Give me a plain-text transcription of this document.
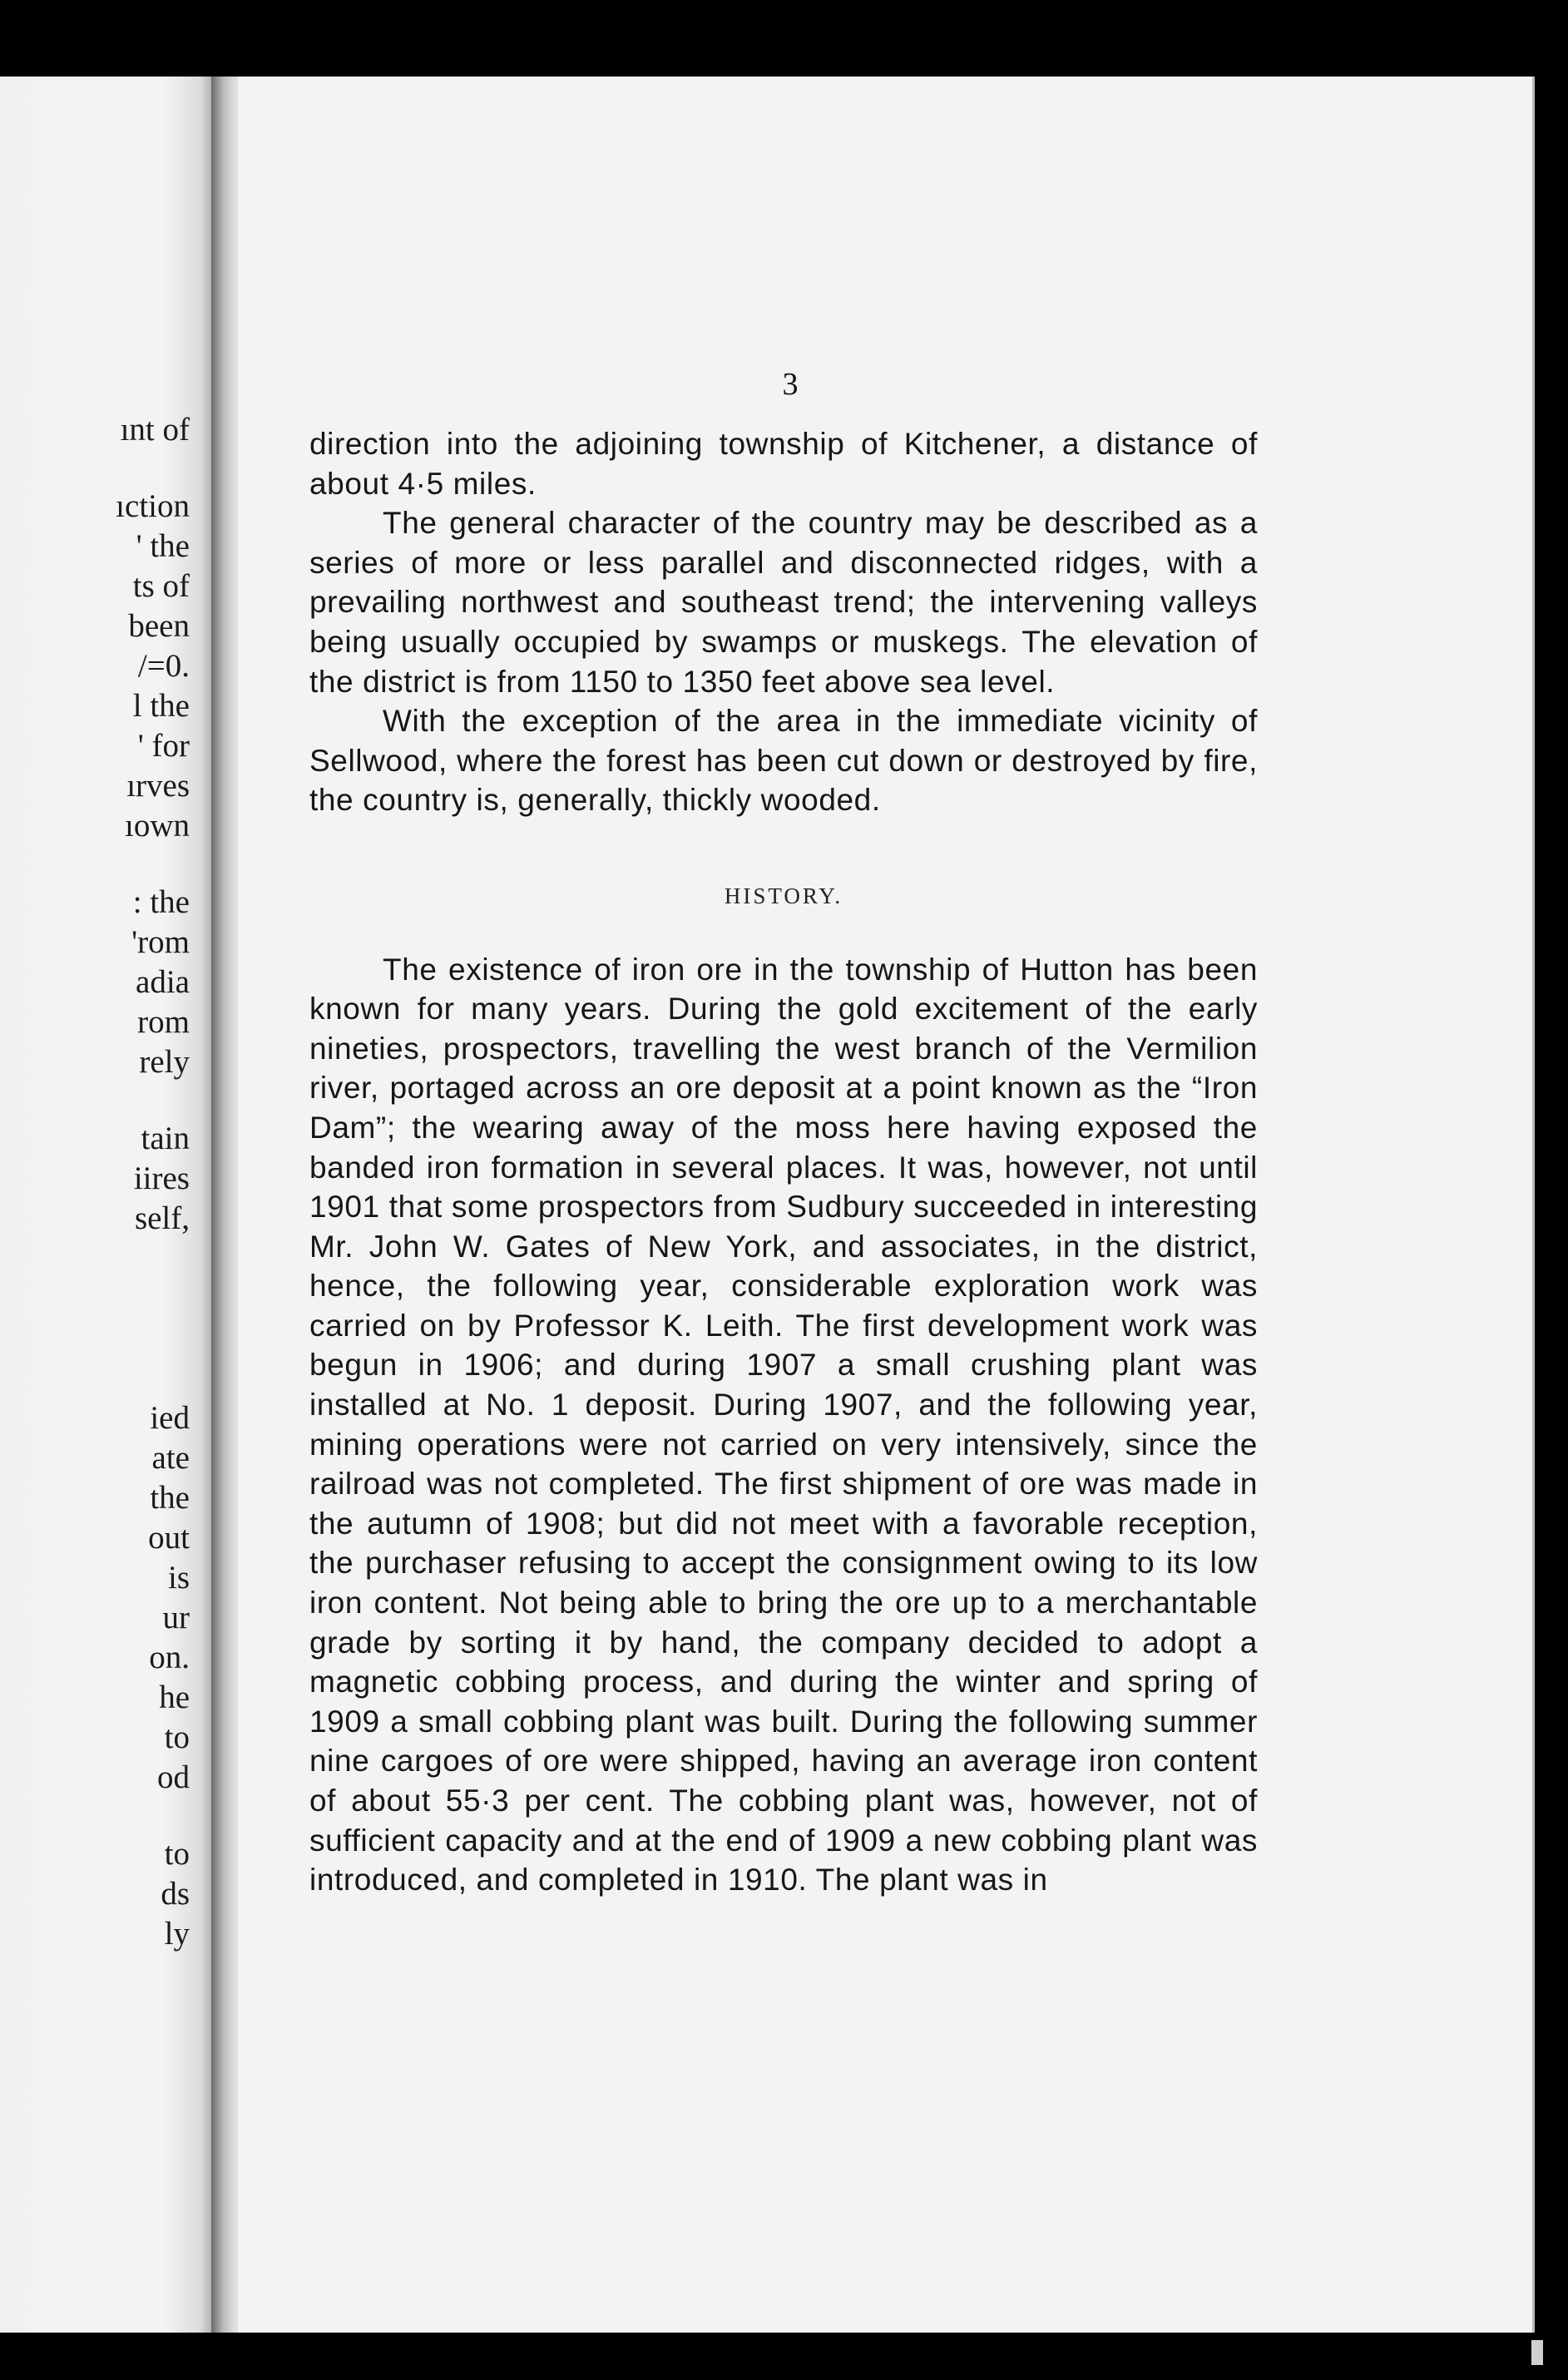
ınt of
ıction
' the
ts of
been
/=0.
l the
' for
ırves
ıown
: the
'rom
adia
rom
rely
tain
iires
self,
ied
ate
the
out
is
ur
on.
he
to
od
to
ds
ly
3

direction into the adjoining township of Kitchener, a distance of about 4·5 miles.

The general character of the country may be described as a series of more or less parallel and disconnected ridges, with a prevailing northwest and southeast trend; the intervening valleys being usually occupied by swamps or muskegs. The elevation of the district is from 1150 to 1350 feet above sea level.

With the exception of the area in the immediate vicinity of Sellwood, where the forest has been cut down or destroyed by fire, the country is, generally, thickly wooded.

HISTORY.

The existence of iron ore in the township of Hutton has been known for many years. During the gold excitement of the early nineties, prospectors, travelling the west branch of the Vermilion river, portaged across an ore deposit at a point known as the “Iron Dam”; the wearing away of the moss here having exposed the banded iron formation in several places. It was, however, not until 1901 that some prospectors from Sudbury succeeded in interesting Mr. John W. Gates of New York, and associates, in the district, hence, the following year, considerable exploration work was carried on by Professor K. Leith. The first development work was begun in 1906; and during 1907 a small crushing plant was installed at No. 1 deposit. During 1907, and the following year, mining operations were not carried on very intensively, since the railroad was not completed. The first shipment of ore was made in the autumn of 1908; but did not meet with a favorable reception, the purchaser refusing to accept the consignment owing to its low iron content. Not being able to bring the ore up to a merchantable grade by sorting it by hand, the company decided to adopt a magnetic cobbing process, and during the winter and spring of 1909 a small cobbing plant was built. During the following summer nine cargoes of ore were shipped, having an average iron content of about 55·3 per cent. The cobbing plant was, however, not of sufficient capacity and at the end of 1909 a new cobbing plant was introduced, and completed in 1910. The plant was in
